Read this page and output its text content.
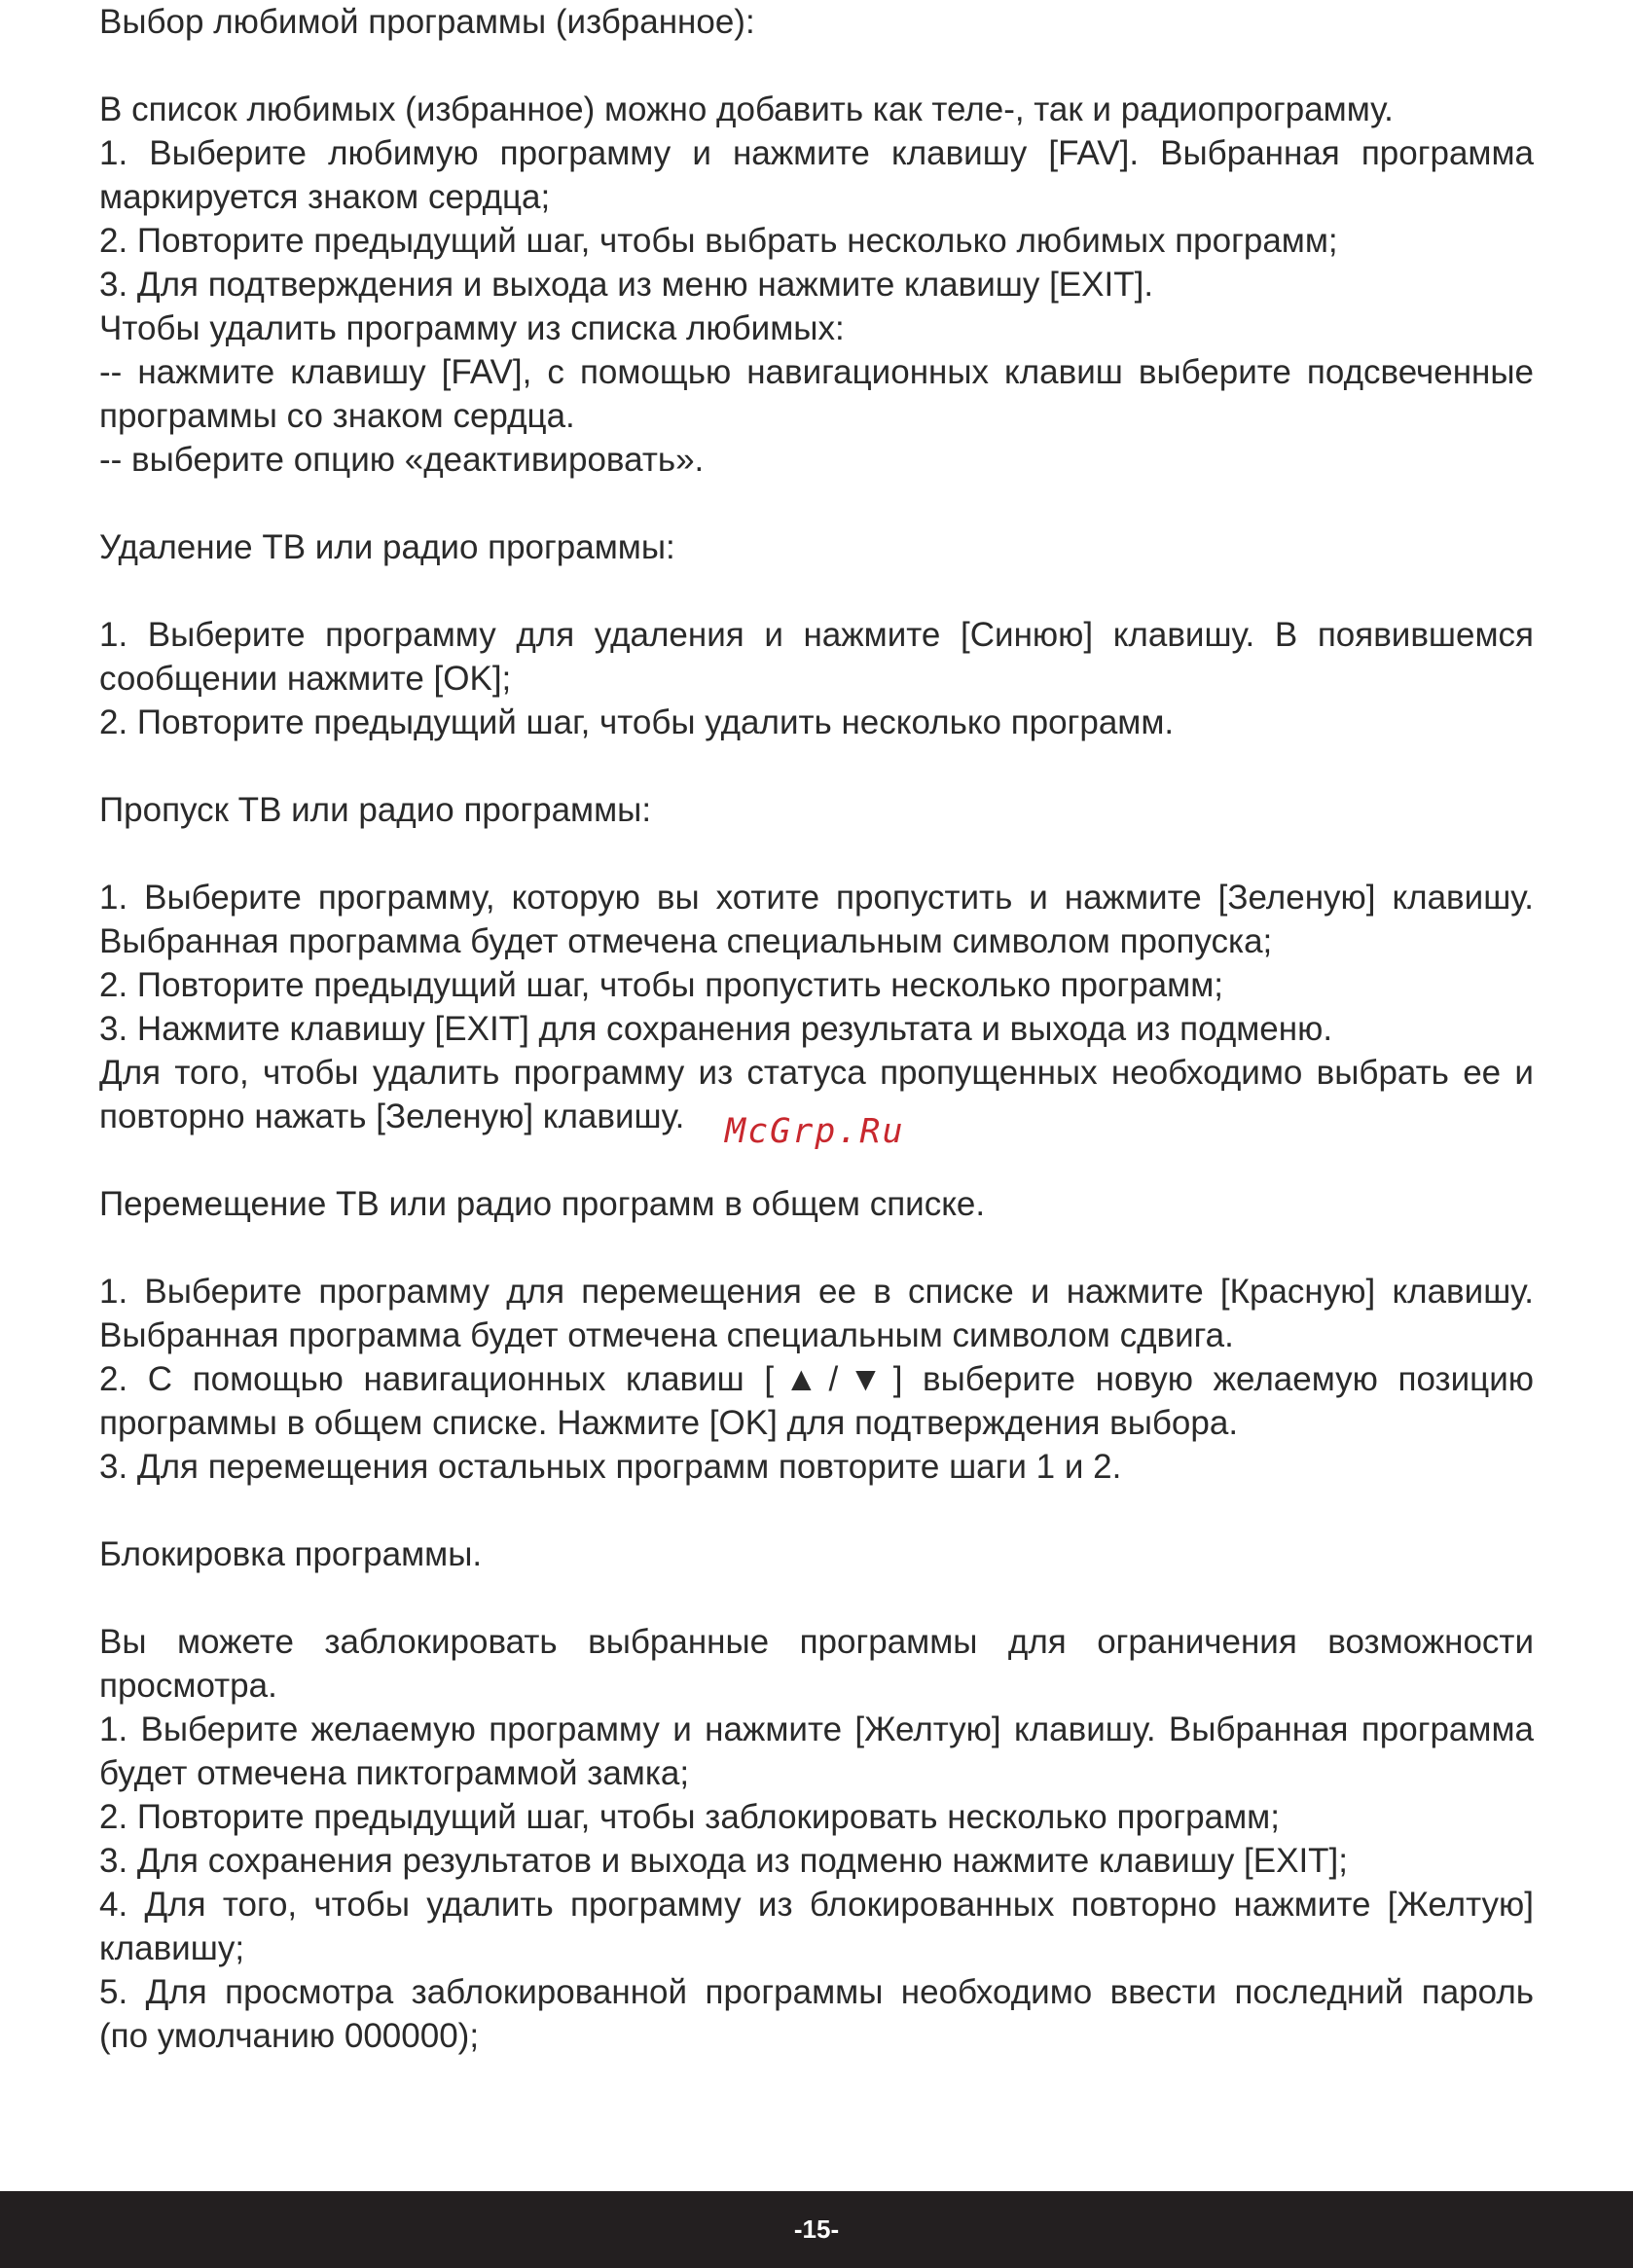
Выбор любимой программы (избранное):
В список любимых (избранное) можно добавить как теле-, так и радиопрограмму.
1. Выберите любимую программу и нажмите клавишу [FAV]. Выбранная программа
маркируется знаком сердца;
2. Повторите предыдущий шаг, чтобы выбрать несколько любимых программ;
3. Для подтверждения и выхода из меню нажмите клавишу [EXIT].
Чтобы удалить программу из списка любимых:
-- нажмите клавишу [FAV], с помощью навигационных клавиш выберите подсвеченные
программы со знаком сердца.
-- выберите опцию «деактивировать».
Удаление ТВ или радио программы:
1. Выберите программу для удаления и нажмите [Синюю] клавишу. В появившемся
сообщении нажмите [OK];
2. Повторите предыдущий шаг, чтобы удалить несколько программ.
Пропуск ТВ или радио программы:
1. Выберите программу, которую вы хотите пропустить и нажмите [Зеленую] клавишу.
Выбранная программа будет отмечена специальным символом пропуска;
2. Повторите предыдущий шаг, чтобы пропустить несколько программ;
3. Нажмите клавишу [EXIT] для сохранения результата и выхода из подменю.
Для того, чтобы удалить программу из статуса пропущенных необходимо выбрать ее и
повторно нажать [Зеленую] клавишу.
Перемещение ТВ или радио программ в общем списке.
1. Выберите программу для перемещения ее в списке и нажмите [Красную] клавишу.
Выбранная программа будет отмечена специальным символом сдвига.
2. С помощью навигационных клавиш [▲/▼] выберите новую желаемую позицию
программы в общем списке. Нажмите [OK] для подтверждения выбора.
3. Для перемещения остальных программ повторите шаги 1 и 2.
Блокировка программы.
Вы можете заблокировать выбранные программы для ограничения возможности
просмотра.
1. Выберите желаемую программу и нажмите [Желтую] клавишу. Выбранная программа
будет отмечена пиктограммой замка;
2. Повторите предыдущий шаг, чтобы заблокировать несколько программ;
3. Для сохранения результатов и выхода из подменю нажмите клавишу [EXIT];
4. Для того, чтобы удалить программу из блокированных повторно нажмите [Желтую]
клавишу;
5. Для просмотра заблокированной программы необходимо ввести последний пароль
(по умолчанию 000000);
McGrp.Ru
-15-
